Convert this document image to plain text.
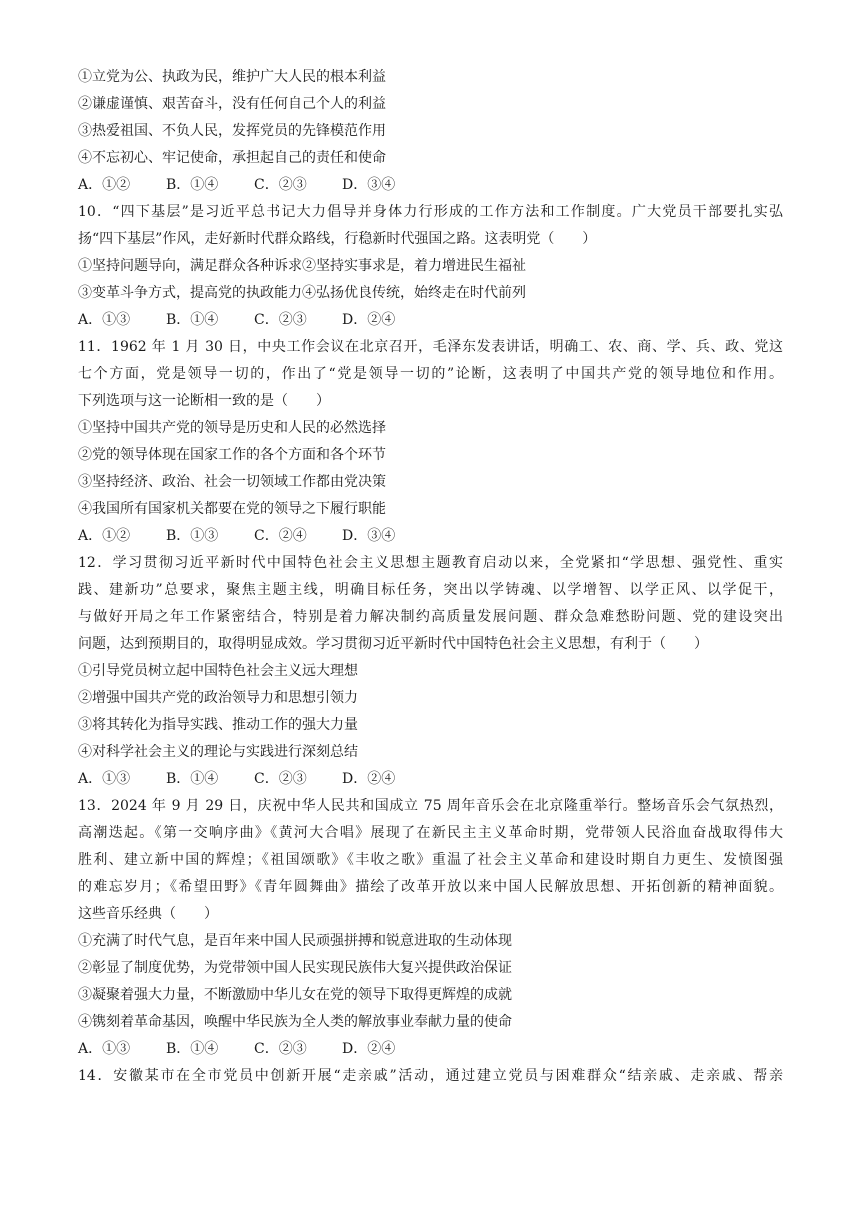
①立党为公、执政为民，维护广大人民的根本利益
②谦虚谨慎、艰苦奋斗，没有任何自己个人的利益
③热爱祖国、不负人民，发挥党员的先锋模范作用
④不忘初心、牢记使命，承担起自己的责任和使命
A．①②	B．①④	C．②③	D．③④
10．“四下基层”是习近平总书记大力倡导并身体力行形成的工作方法和工作制度。广大党员干部要扎实弘
扬“四下基层”作风，走好新时代群众路线，行稳新时代强国之路。这表明党（　　）
①坚持问题导向，满足群众各种诉求②坚持实事求是，着力增进民生福祉
③变革斗争方式，提高党的执政能力④弘扬优良传统，始终走在时代前列
A．①③	B．①④	C．②③	D．②④
11．1962 年 1 月 30 日，中央工作会议在北京召开，毛泽东发表讲话，明确工、农、商、学、兵、政、党这
七个方面，党是领导一切的，作出了“党是领导一切的”论断，这表明了中国共产党的领导地位和作用。
下列选项与这一论断相一致的是（　　）
①坚持中国共产党的领导是历史和人民的必然选择
②党的领导体现在国家工作的各个方面和各个环节
③坚持经济、政治、社会一切领域工作都由党决策
④我国所有国家机关都要在党的领导之下履行职能
A．①②	B．①③	C．②④	D．③④
12．学习贯彻习近平新时代中国特色社会主义思想主题教育启动以来，全党紧扣“学思想、强党性、重实
践、建新功”总要求，聚焦主题主线，明确目标任务，突出以学铸魂、以学增智、以学正风、以学促干，
与做好开局之年工作紧密结合，特别是着力解决制约高质量发展问题、群众急难愁盼问题、党的建设突出
问题，达到预期目的，取得明显成效。学习贯彻习近平新时代中国特色社会主义思想，有利于（　　）
①引导党员树立起中国特色社会主义远大理想
②增强中国共产党的政治领导力和思想引领力
③将其转化为指导实践、推动工作的强大力量
④对科学社会主义的理论与实践进行深刻总结
A．①③	B．①④	C．②③	D．②④
13．2024 年 9 月 29 日，庆祝中华人民共和国成立 75 周年音乐会在北京隆重举行。整场音乐会气氛热烈，
高潮迭起。《第一交响序曲》《黄河大合唱》展现了在新民主主义革命时期，党带领人民浴血奋战取得伟大
胜利、建立新中国的辉煌；《祖国颂歌》《丰收之歌》重温了社会主义革命和建设时期自力更生、发愤图强
的难忘岁月；《希望田野》《青年圆舞曲》描绘了改革开放以来中国人民解放思想、开拓创新的精神面貌。
这些音乐经典（　　）
①充满了时代气息，是百年来中国人民顽强拼搏和锐意进取的生动体现
②彰显了制度优势，为党带领中国人民实现民族伟大复兴提供政治保证
③凝聚着强大力量，不断激励中华儿女在党的领导下取得更辉煌的成就
④镌刻着革命基因，唤醒中华民族为全人类的解放事业奉献力量的使命
A．①③	B．①④	C．②③	D．②④
14．安徽某市在全市党员中创新开展“走亲戚”活动，通过建立党员与困难群众“结亲戚、走亲戚、帮亲
